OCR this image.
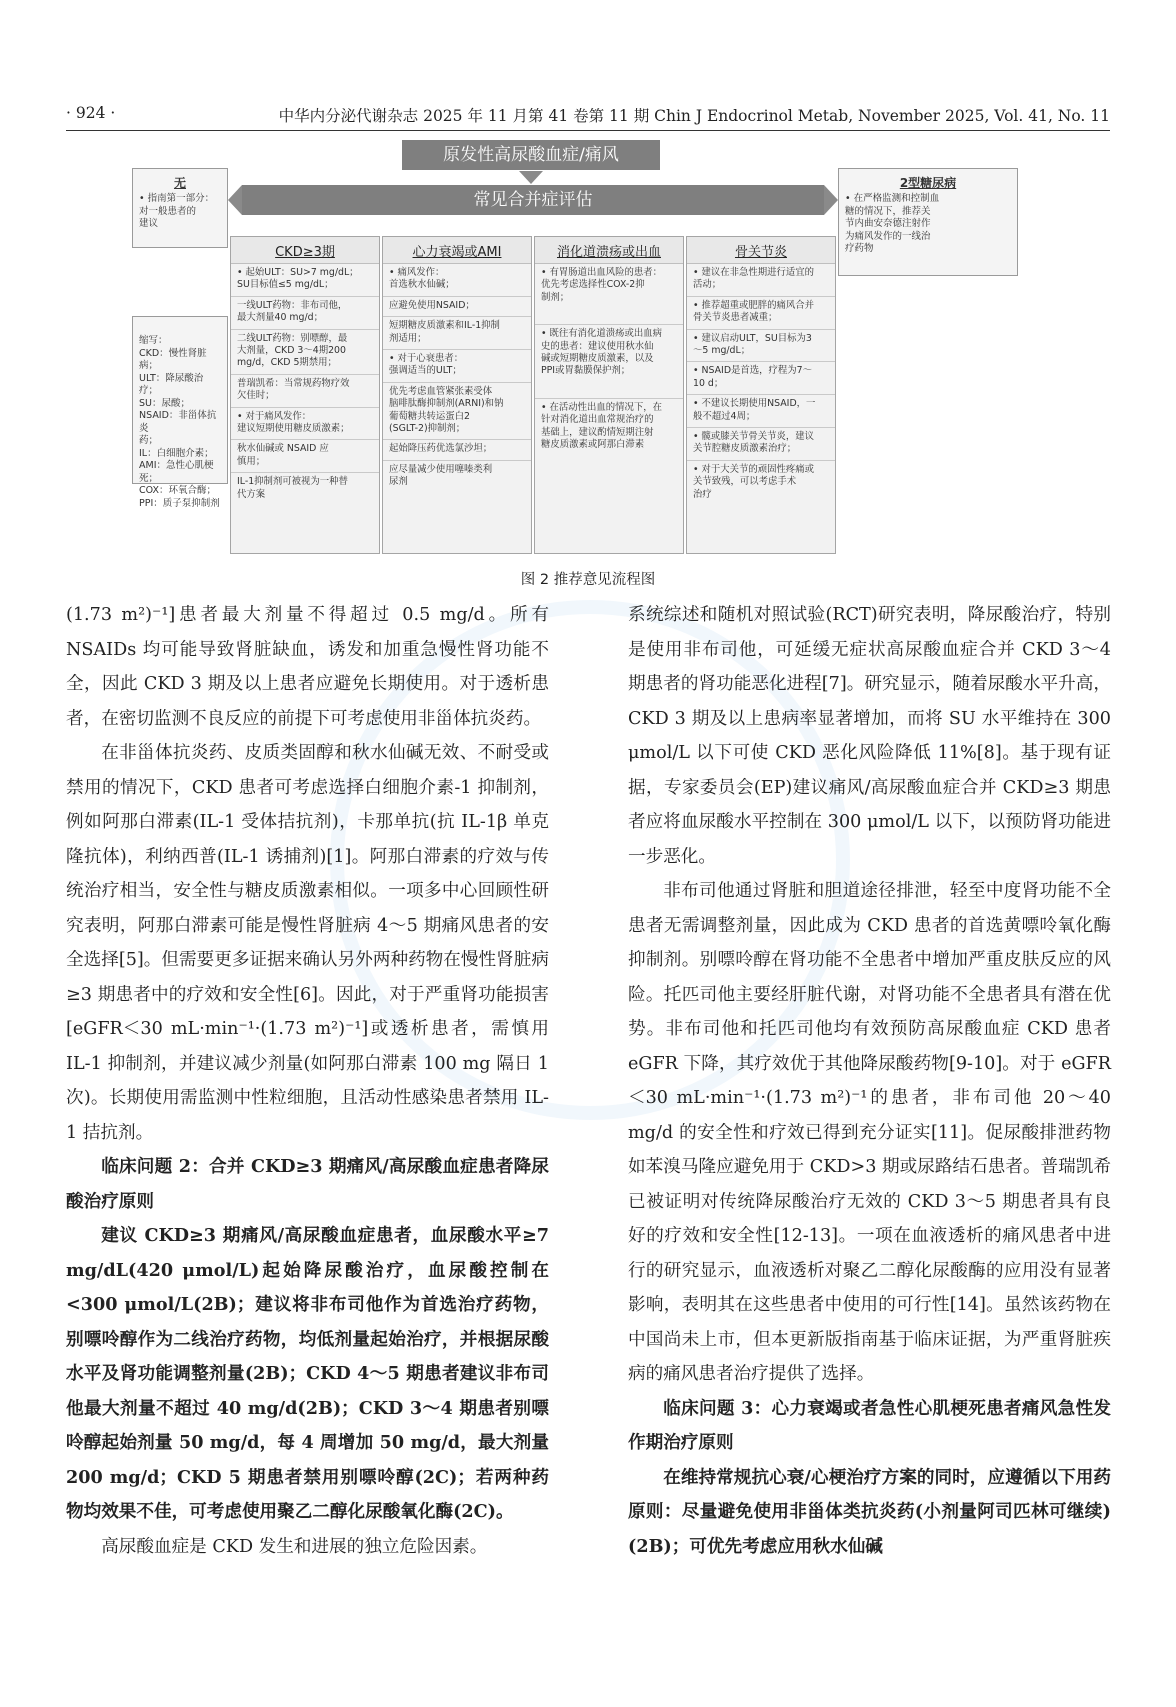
· 924 ·	中华内分泌代谢杂志 2025 年 11 月第 41 卷第 11 期 Chin J Endocrinol Metab, November 2025, Vol. 41, No. 11
原发性高尿酸血症/痛风
常见合并症评估
无
• 指南第一部分：
对一般患者的
建议
2型糖尿病
• 在严格监测和控制血
糖的情况下，推荐关
节内曲安奈德注射作
为痛风发作的一线治
疗药物
缩写：
CKD：慢性肾脏病；
ULT：降尿酸治疗；
SU：尿酸；
NSAID：非甾体抗炎
药；
IL：白细胞介素；
AMI：急性心肌梗死；
COX：环氧合酶；
PPI：质子泵抑制剂
CKD≥3期
• 起始ULT：SU>7 mg/dL；
SU目标值≤5 mg/dL；
一线ULT药物：非布司他，
最大剂量40 mg/d；
二线ULT药物：别嘌醇，最
大剂量，CKD 3～4期200
mg/d，CKD 5期禁用；
普瑞凯希：当常规药物疗效
欠佳时；
• 对于痛风发作：
建议短期使用糖皮质激素；
秋水仙碱或 NSAID 应
慎用；
IL-1抑制剂可被视为一种替
代方案
心力衰竭或AMI
• 痛风发作：
首选秋水仙碱；
应避免使用NSAID；
短期糖皮质激素和IL-1抑制
剂适用；
• 对于心衰患者：
强调适当的ULT；
优先考虑血管紧张素受体
脑啡肽酶抑制剂(ARNI)和钠
葡萄糖共转运蛋白2
(SGLT-2)抑制剂；
起始降压药优选氯沙坦；
应尽量减少使用噻嗪类利
尿剂
消化道溃疡或出血
• 有胃肠道出血风险的患者：
优先考虑选择性COX-2抑
制剂；
• 既往有消化道溃疡或出血病
史的患者：建议使用秋水仙
碱或短期糖皮质激素，以及
PPI或胃黏膜保护剂；
• 在活动性出血的情况下，在
针对消化道出血常规治疗的
基础上，建议酌情短期注射
糖皮质激素或阿那白滞素
骨关节炎
• 建议在非急性期进行适宜的
活动；
• 推荐超重或肥胖的痛风合并
骨关节炎患者减重；
• 建议启动ULT，SU目标为3
～5 mg/dL；
• NSAID是首选，疗程为7～
10 d；
• 不建议长期使用NSAID，一
般不超过4周；
• 髋或膝关节骨关节炎，建议
关节腔糖皮质激素治疗；
• 对于大关节的顽固性疼痛或
关节致残，可以考虑手术
治疗
图 2 推荐意见流程图

(1.73 m²)⁻¹]患者最大剂量不得超过 0.5 mg/d。所有 NSAIDs 均可能导致肾脏缺血，诱发和加重急慢性肾功能不全，因此 CKD 3 期及以上患者应避免长期使用。对于透析患者，在密切监测不良反应的前提下可考虑使用非甾体抗炎药。

在非甾体抗炎药、皮质类固醇和秋水仙碱无效、不耐受或禁用的情况下，CKD 患者可考虑选择白细胞介素-1 抑制剂，例如阿那白滞素(IL-1 受体拮抗剂)，卡那单抗(抗 IL-1β 单克隆抗体)，利纳西普(IL-1 诱捕剂)[1]。阿那白滞素的疗效与传统治疗相当，安全性与糖皮质激素相似。一项多中心回顾性研究表明，阿那白滞素可能是慢性肾脏病 4～5 期痛风患者的安全选择[5]。但需要更多证据来确认另外两种药物在慢性肾脏病≥3 期患者中的疗效和安全性[6]。因此，对于严重肾功能损害[eGFR＜30 mL·min⁻¹·(1.73 m²)⁻¹]或透析患者，需慎用 IL-1 抑制剂，并建议减少剂量(如阿那白滞素 100 mg 隔日 1 次)。长期使用需监测中性粒细胞，且活动性感染患者禁用 IL-1 拮抗剂。

临床问题 2：合并 CKD≥3 期痛风/高尿酸血症患者降尿酸治疗原则

建议 CKD≥3 期痛风/高尿酸血症患者，血尿酸水平≥7 mg/dL(420 μmol/L)起始降尿酸治疗，血尿酸控制在<300 μmol/L(2B)；建议将非布司他作为首选治疗药物，别嘌呤醇作为二线治疗药物，均低剂量起始治疗，并根据尿酸水平及肾功能调整剂量(2B)；CKD 4～5 期患者建议非布司他最大剂量不超过 40 mg/d(2B)；CKD 3～4 期患者别嘌呤醇起始剂量 50 mg/d，每 4 周增加 50 mg/d，最大剂量 200 mg/d；CKD 5 期患者禁用别嘌呤醇(2C)；若两种药物均效果不佳，可考虑使用聚乙二醇化尿酸氧化酶(2C)。

高尿酸血症是 CKD 发生和进展的独立危险因素。

系统综述和随机对照试验(RCT)研究表明，降尿酸治疗，特别是使用非布司他，可延缓无症状高尿酸血症合并 CKD 3～4 期患者的肾功能恶化进程[7]。研究显示，随着尿酸水平升高，CKD 3 期及以上患病率显著增加，而将 SU 水平维持在 300 μmol/L 以下可使 CKD 恶化风险降低 11%[8]。基于现有证据，专家委员会(EP)建议痛风/高尿酸血症合并 CKD≥3 期患者应将血尿酸水平控制在 300 μmol/L 以下，以预防肾功能进一步恶化。

非布司他通过肾脏和胆道途径排泄，轻至中度肾功能不全患者无需调整剂量，因此成为 CKD 患者的首选黄嘌呤氧化酶抑制剂。别嘌呤醇在肾功能不全患者中增加严重皮肤反应的风险。托匹司他主要经肝脏代谢，对肾功能不全患者具有潜在优势。非布司他和托匹司他均有效预防高尿酸血症 CKD 患者 eGFR 下降，其疗效优于其他降尿酸药物[9-10]。对于 eGFR＜30 mL·min⁻¹·(1.73 m²)⁻¹的患者，非布司他 20～40 mg/d 的安全性和疗效已得到充分证实[11]。促尿酸排泄药物如苯溴马隆应避免用于 CKD>3 期或尿路结石患者。普瑞凯希已被证明对传统降尿酸治疗无效的 CKD 3～5 期患者具有良好的疗效和安全性[12-13]。一项在血液透析的痛风患者中进行的研究显示，血液透析对聚乙二醇化尿酸酶的应用没有显著影响，表明其在这些患者中使用的可行性[14]。虽然该药物在中国尚未上市，但本更新版指南基于临床证据，为严重肾脏疾病的痛风患者治疗提供了选择。

临床问题 3：心力衰竭或者急性心肌梗死患者痛风急性发作期治疗原则

在维持常规抗心衰/心梗治疗方案的同时，应遵循以下用药原则：尽量避免使用非甾体类抗炎药(小剂量阿司匹林可继续)(2B)；可优先考虑应用秋水仙碱
